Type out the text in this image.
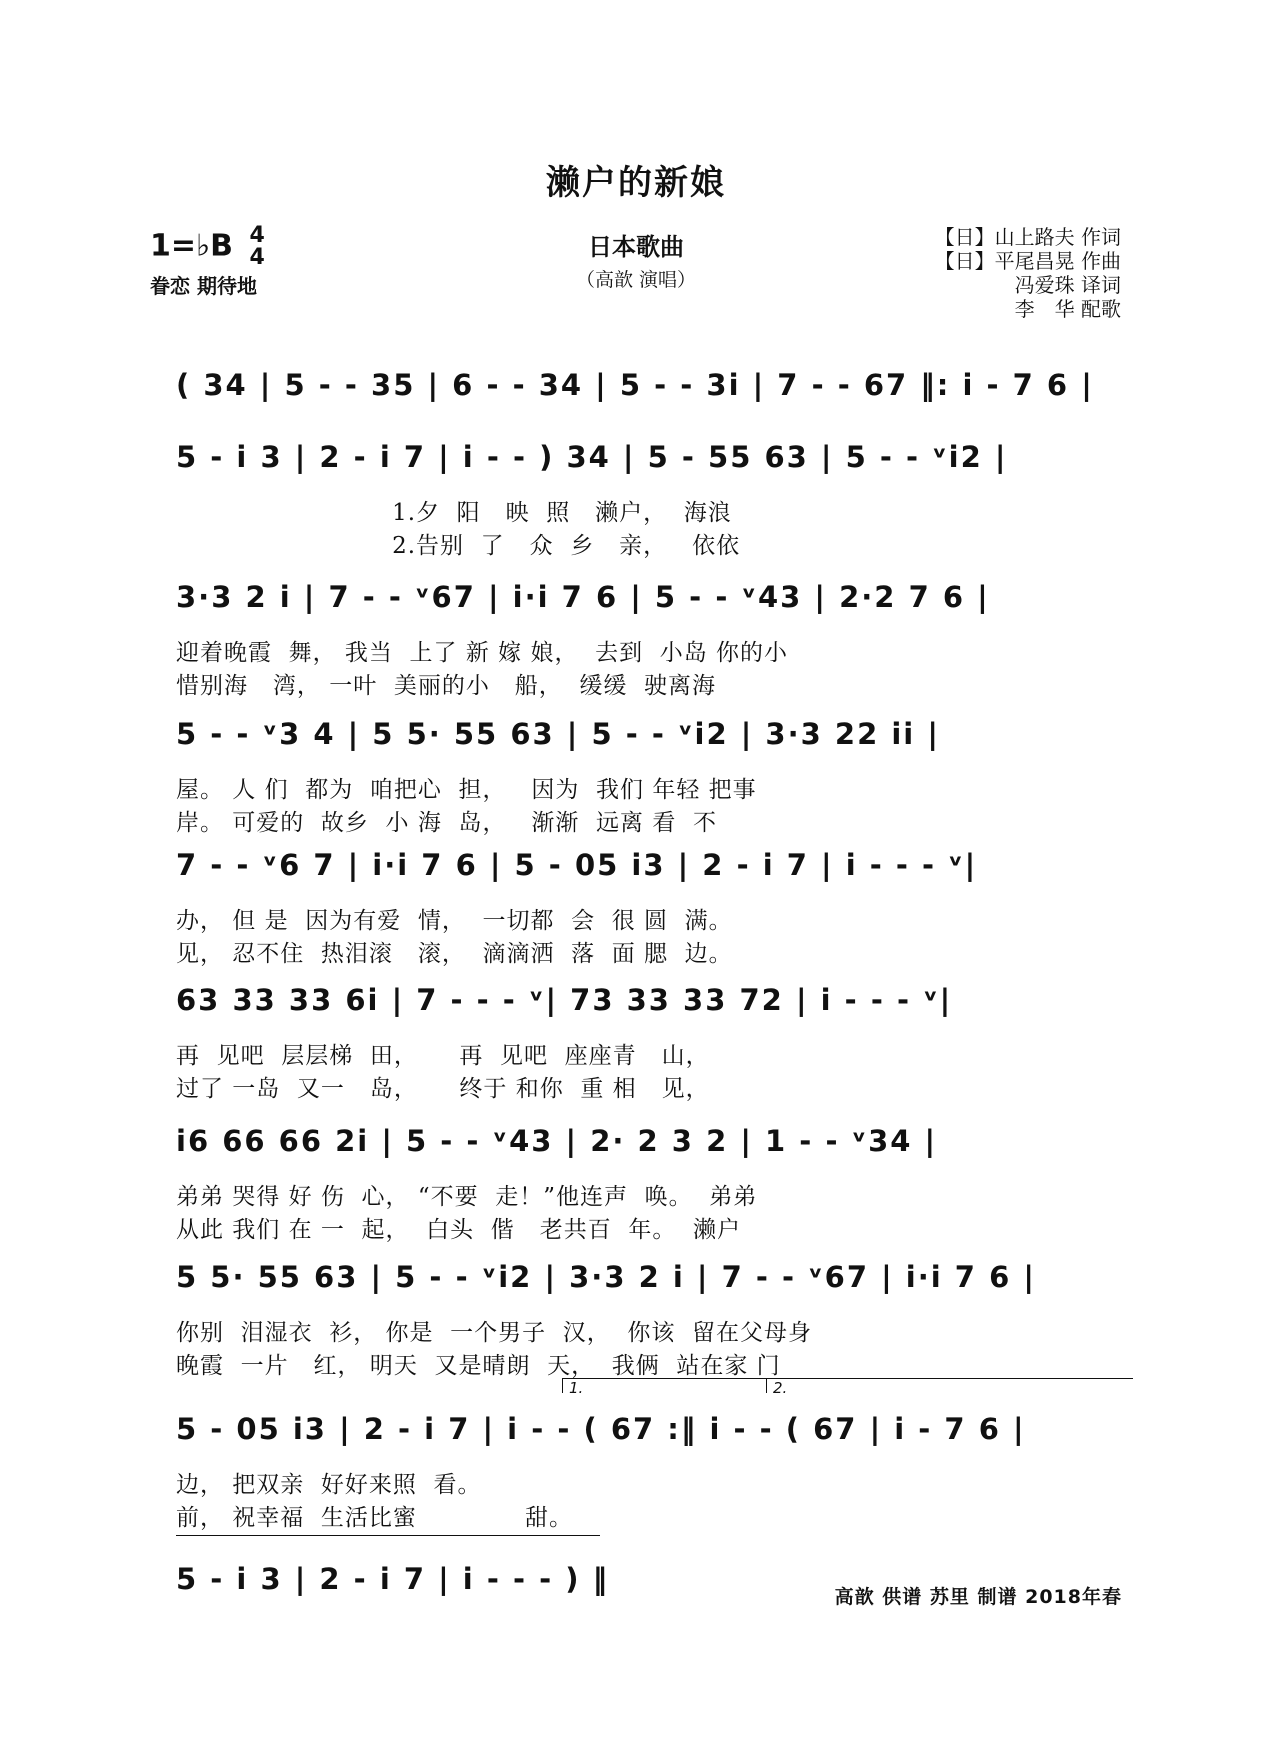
濑户的新娘
1=♭B 4
4
眷恋 期待地
日本歌曲
（高歆 演唱）
【日】山上路夫 作词
【日】平尾昌晃 作曲
冯爱珠 译词
李　华 配歌
( 34 | 5 - - 35 | 6 - - 34 | 5 - - 3i | 7 - - 67 ‖: i - 7 6 |
5 - i 3 | 2 - i 7 | i - - ) 34 | 5 - 55 63 | 5 - - ᵛi2 |
1.夕  阳   映  照   濑户，  海浪
2.告别  了   众  乡   亲，   依依
3·3 2 i | 7 - - ᵛ67 | i·i 7 6 | 5 - - ᵛ43 | 2·2 7 6 |
迎着晚霞  舞， 我当  上了 新 嫁 娘，  去到  小岛 你的小
惜别海   湾， 一叶  美丽的小   船，  缓缓  驶离海
5 - - ᵛ3 4 | 5 5· 55 63 | 5 - - ᵛi2 | 3·3 22 ii |
屋。 人 们  都为  咱把心  担，   因为  我们 年轻 把事
岸。 可爱的  故乡  小 海  岛，   渐渐  远离 看  不
7 - - ᵛ6 7 | i·i 7 6 | 5 - 05 i3 | 2 - i 7 | i - - - ᵛ|
办， 但 是  因为有爱  情，  一切都  会  很 圆  满。
见， 忍不住  热泪滚   滚，  滴滴洒  落  面 腮  边。
63 33 33 6i | 7 - - - ᵛ| 73 33 33 72 | i - - - ᵛ|
再  见吧  层层梯  田，     再  见吧  座座青   山，
过了 一岛  又一   岛，     终于 和你  重 相   见，
i6 66 66 2i | 5 - - ᵛ43 | 2· 2 3 2 | 1 - - ᵛ34 |
弟弟 哭得 好 伤  心， “不要  走！”他连声  唤。  弟弟
从此 我们 在 一  起，  白头  偕   老共百  年。  濑户
5 5· 55 63 | 5 - - ᵛi2 | 3·3 2 i | 7 - - ᵛ67 | i·i 7 6 |
你别  泪湿衣  衫， 你是  一个男子  汉，  你该  留在父母身
晚霞  一片   红， 明天  又是晴朗  天，  我俩  站在家 门
1.	2.
5 - 05 i3 | 2 - i 7 | i - - ( 67 :‖ i - - ( 67 | i - 7 6 |
边， 把双亲  好好来照  看。
前， 祝幸福  生活比蜜             甜。
5 - i 3 | 2 - i 7 | i - - - ) ‖
高歆 供谱 苏里 制谱 2018年春
